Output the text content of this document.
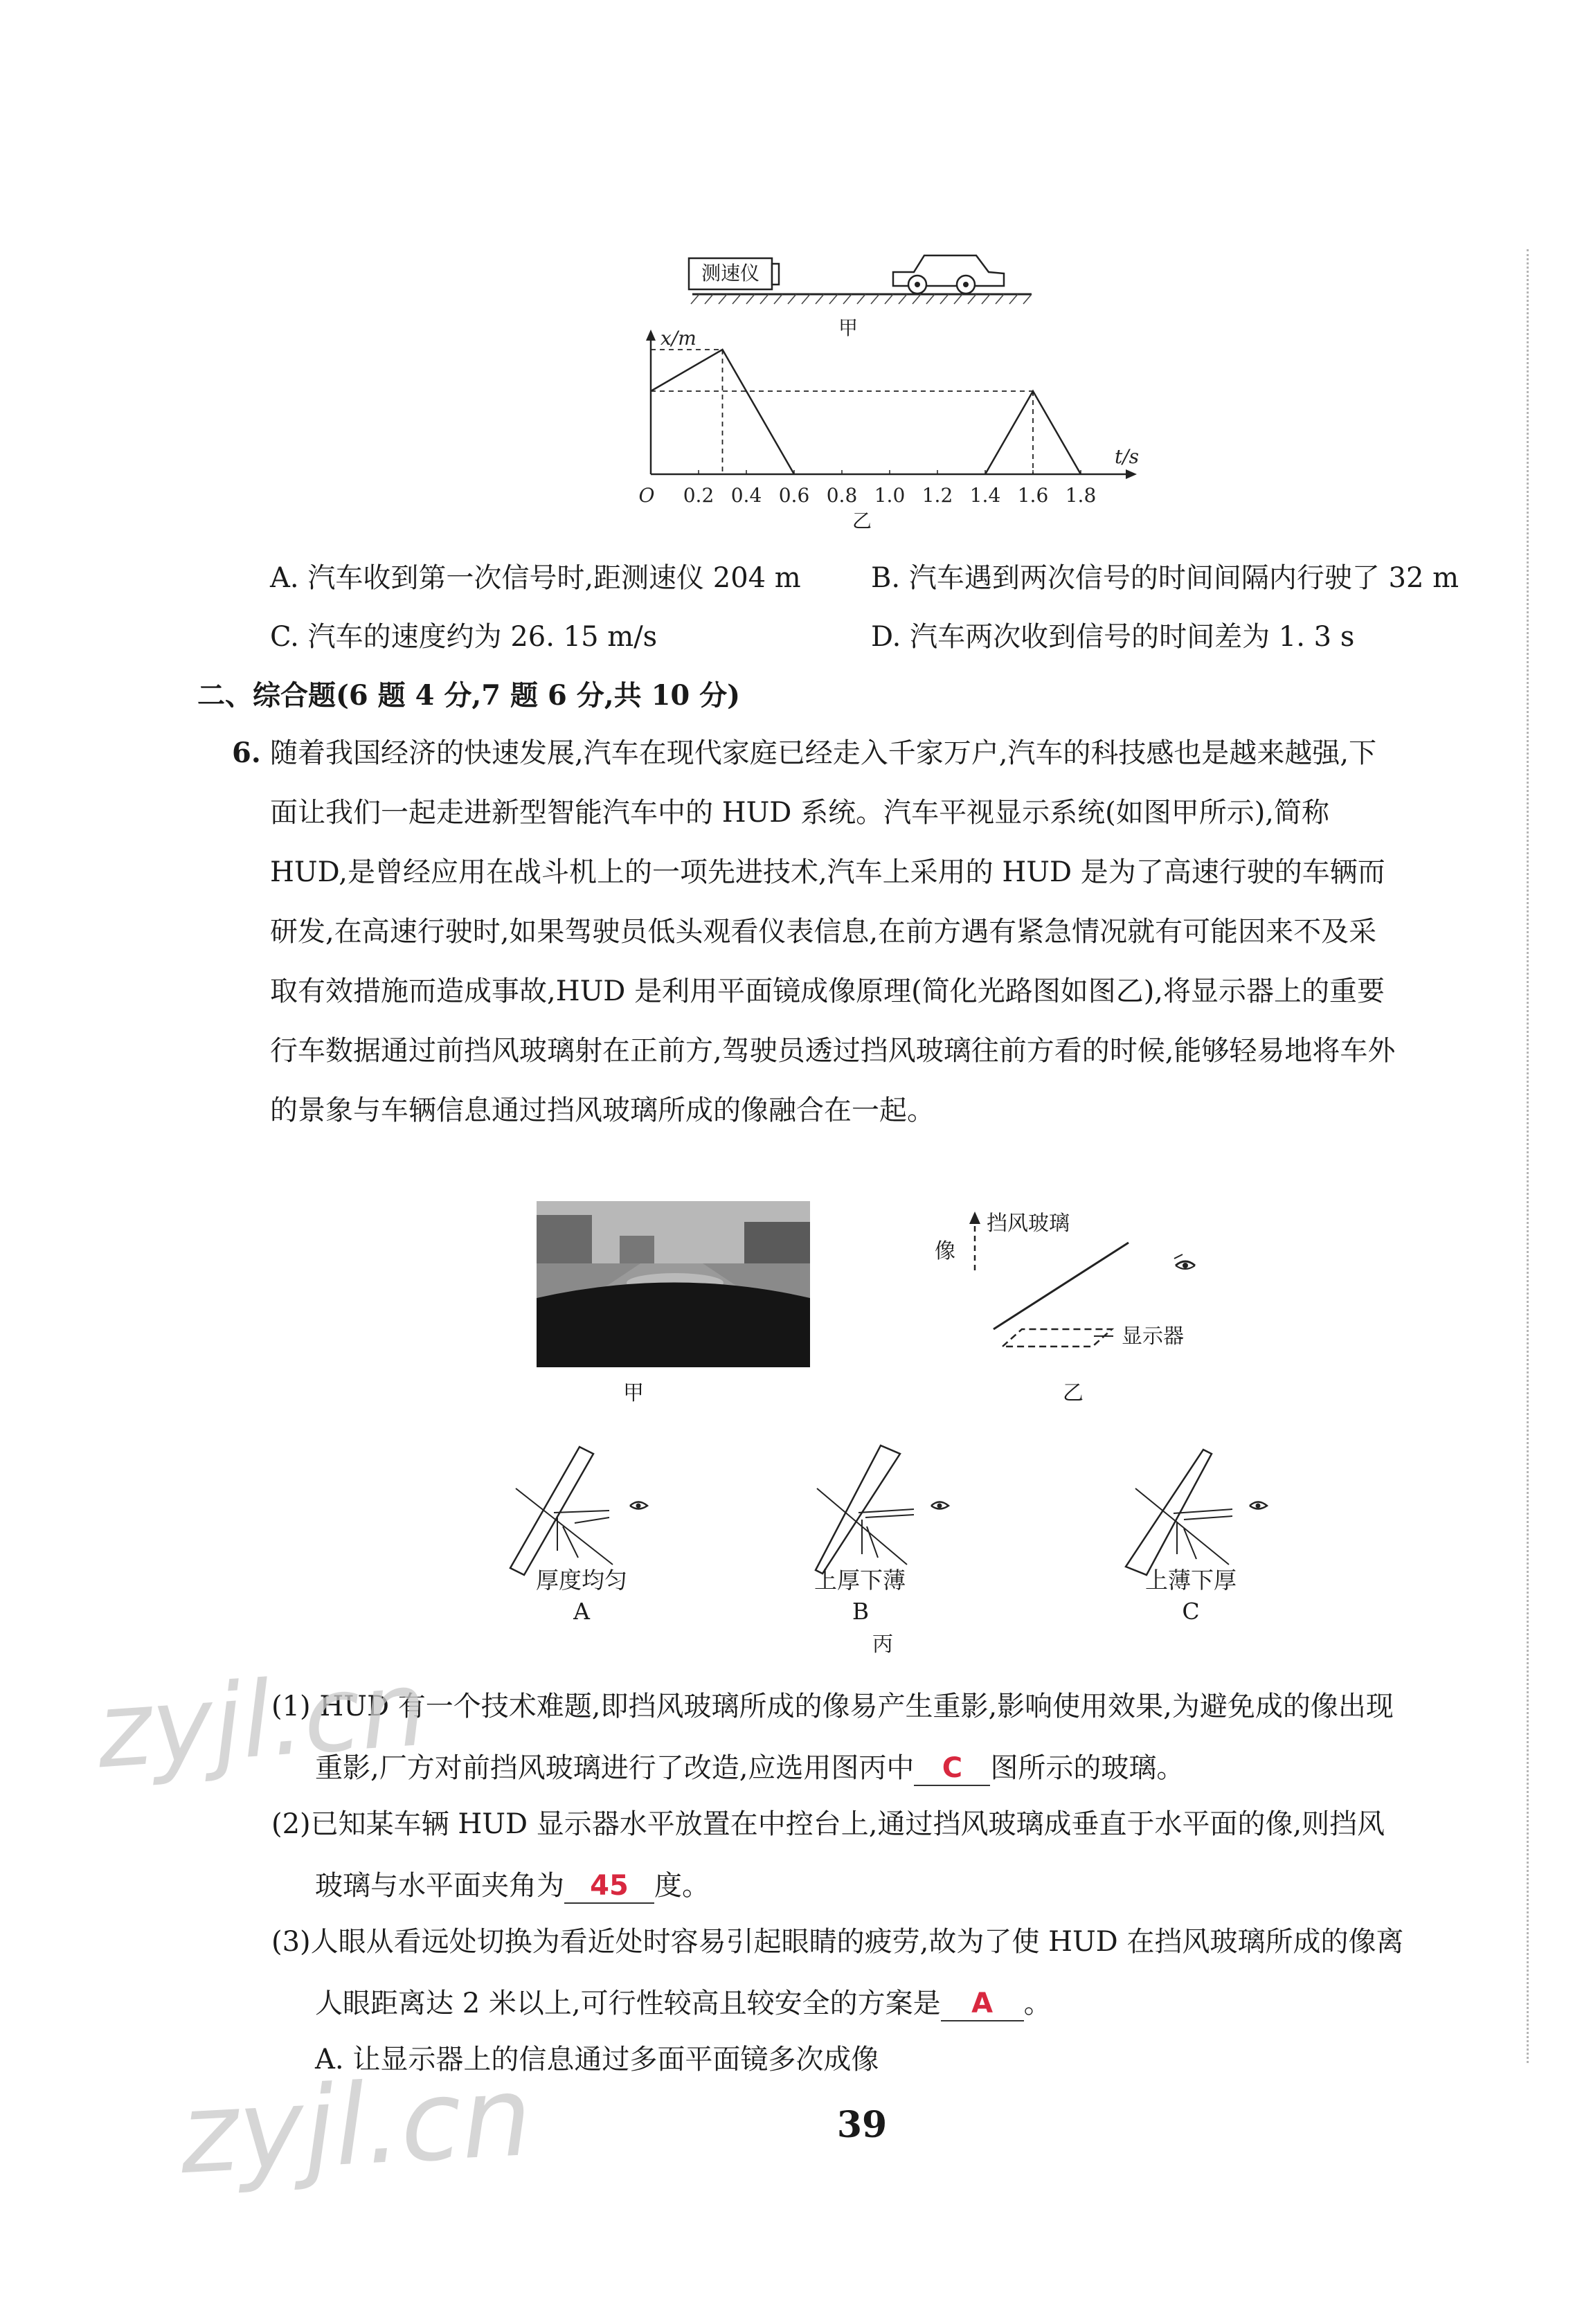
测速仪
甲
0.2 0.4 0.6 0.8 1.0 1.2 1.4 1.6 1.8
O
x/m
t/s
乙
A. 汽车收到第一次信号时,距测速仪 204 m	B. 汽车遇到两次信号的时间间隔内行驶了 32 m
C. 汽车的速度约为 26. 15 m/s	D. 汽车两次收到信号的时间差为 1. 3 s
二、综合题(6 题 4 分,7 题 6 分,共 10 分)
6. 随着我国经济的快速发展,汽车在现代家庭已经走入千家万户,汽车的科技感也是越来越强,下
面让我们一起走进新型智能汽车中的 HUD 系统。汽车平视显示系统(如图甲所示),简称
HUD,是曾经应用在战斗机上的一项先进技术,汽车上采用的 HUD 是为了高速行驶的车辆而
研发,在高速行驶时,如果驾驶员低头观看仪表信息,在前方遇有紧急情况就有可能因来不及采
取有效措施而造成事故,HUD 是利用平面镜成像原理(简化光路图如图乙),将显示器上的重要
行车数据通过前挡风玻璃射在正前方,驾驶员透过挡风玻璃往前方看的时候,能够轻易地将车外
的景象与车辆信息通过挡风玻璃所成的像融合在一起。
甲
挡风玻璃
像
显示器
乙
厚度均匀
A
上厚下薄
B
上薄下厚
C
丙
(1) HUD 有一个技术难题,即挡风玻璃所成的像易产生重影,影响使用效果,为避免成的像出现
重影,厂方对前挡风玻璃进行了改造,应选用图丙中 C 图所示的玻璃。
(2)已知某车辆 HUD 显示器水平放置在中控台上,通过挡风玻璃成垂直于水平面的像,则挡风
玻璃与水平面夹角为 45 度。
(3)人眼从看远处切换为看近处时容易引起眼睛的疲劳,故为了使 HUD 在挡风玻璃所成的像离
人眼距离达 2 米以上,可行性较高且较安全的方案是 A 。
A. 让显示器上的信息通过多面平面镜多次成像
39
zyjl.cn
zyjl.cn
